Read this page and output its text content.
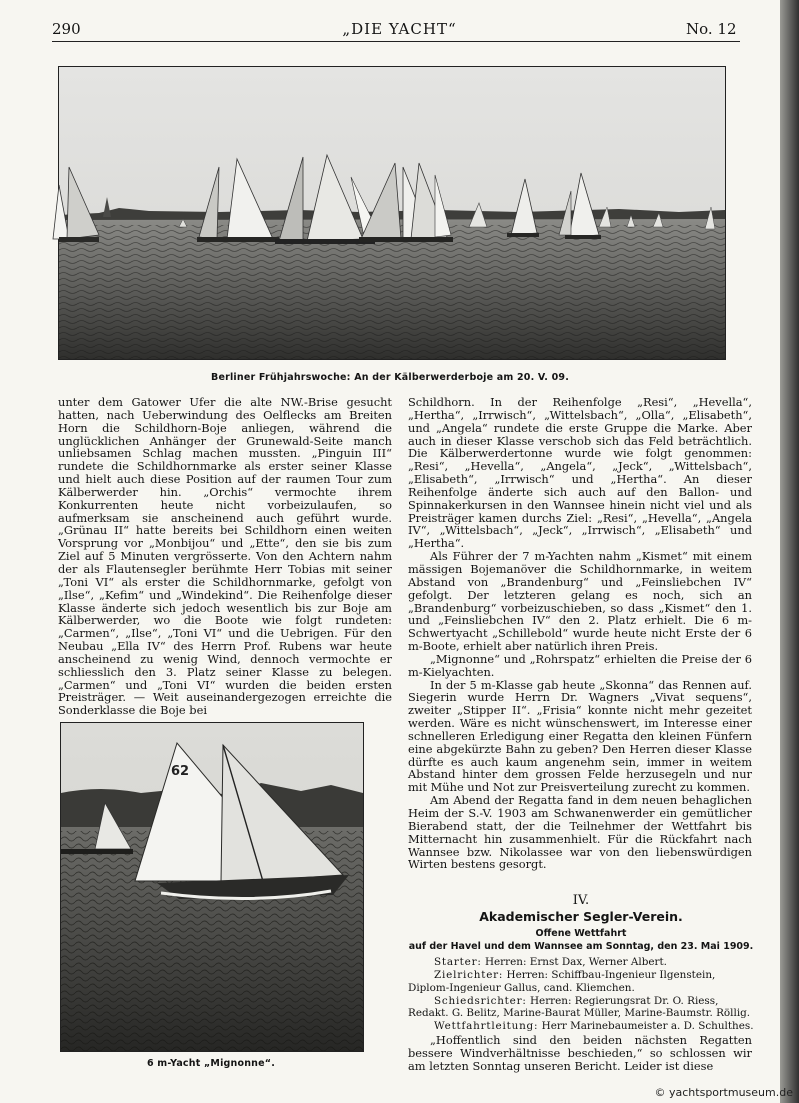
290	„DIE YACHT“	No. 12
Berliner Frühjahrswoche: An der Kälberwerderboje am 20. V. 09.

unter dem Gatower Ufer die alte NW.-Brise gesucht hatten, nach Ueberwindung des Oelflecks am Breiten Horn die Schildhorn-Boje anliegen, während die unglücklichen Anhänger der Grunewald-Seite manch unliebsamen Schlag machen mussten. „Pinguin III“ rundete die Schildhornmarke als erster seiner Klasse und hielt auch diese Position auf der raumen Tour zum Kälberwerder hin. „Orchis“ vermochte ihrem Konkurrenten heute nicht vorbeizulaufen, so aufmerksam sie anscheinend auch geführt wurde. „Grünau II“ hatte bereits bei Schildhorn einen weiten Vorsprung vor „Monbijou“ und „Ette“, den sie bis zum Ziel auf 5 Minuten vergrösserte. Von den Achtern nahm der als Flautensegler berühmte Herr Tobias mit seiner „Toni VI“ als erster die Schildhornmarke, gefolgt von „Ilse“, „Kefim“ und „Windekind“. Die Reihenfolge dieser Klasse änderte sich jedoch wesentlich bis zur Boje am Kälberwerder, wo die Boote wie folgt rundeten: „Carmen“, „Ilse“, „Toni VI“ und die Uebrigen. Für den Neubau „Ella IV“ des Herrn Prof. Rubens war heute anscheinend zu wenig Wind, dennoch vermochte er schliesslich den 3. Platz seiner Klasse zu belegen. „Carmen“ und „Toni VI“ wurden die beiden ersten Preisträger. — Weit auseinandergezogen erreichte die Sonderklasse die Boje bei

62
6 m-Yacht „Mignonne“.

Schildhorn. In der Reihenfolge „Resi“, „Hevella“, „Hertha“, „Irrwisch“, „Wittelsbach“, „Olla“, „Elisabeth“, und „Angela“ rundete die erste Gruppe die Marke. Aber auch in dieser Klasse verschob sich das Feld beträchtlich. Die Kälberwerdertonne wurde wie folgt genommen: „Resi“, „Hevella“, „Angela“, „Jeck“, „Wittelsbach“, „Elisabeth“, „Irrwisch“ und „Hertha“. An dieser Reihenfolge änderte sich auch auf den Ballon- und Spinnakerkursen in den Wannsee hinein nicht viel und als Preisträger kamen durchs Ziel: „Resi“, „Hevella“, „Angela IV“, „Wittelsbach“, „Jeck“, „Irrwisch“, „Elisabeth“ und „Hertha“.

Als Führer der 7 m-Yachten nahm „Kismet“ mit einem mässigen Bojemanöver die Schildhornmarke, in weitem Abstand von „Brandenburg“ und „Feinsliebchen IV“ gefolgt. Der letzteren gelang es noch, sich an „Brandenburg“ vorbeizuschieben, so dass „Kismet“ den 1. und „Feinsliebchen IV“ den 2. Platz erhielt. Die 6 m-Schwertyacht „Schillebold“ wurde heute nicht Erste der 6 m-Boote, erhielt aber natürlich ihren Preis.

„Mignonne“ und „Rohrspatz“ erhielten die Preise der 6 m-Kielyachten.

In der 5 m-Klasse gab heute „Skonna“ das Rennen auf. Siegerin wurde Herrn Dr. Wagners „Vivat sequens“, zweiter „Stipper II“. „Frisia“ konnte nicht mehr gezeitet werden. Wäre es nicht wünschenswert, im Interesse einer schnelleren Erledigung einer Regatta den kleinen Fünfern eine abgekürzte Bahn zu geben? Den Herren dieser Klasse dürfte es auch kaum angenehm sein, immer in weitem Abstand hinter dem grossen Felde herzusegeln und nur mit Mühe und Not zur Preisverteilung zurecht zu kommen.

Am Abend der Regatta fand in dem neuen behaglichen Heim der S.-V. 1903 am Schwanenwerder ein gemütlicher Bierabend statt, der die Teilnehmer der Wettfahrt bis Mitternacht hin zusammenhielt. Für die Rückfahrt nach Wannsee bzw. Nikolassee war von den liebenswürdigen Wirten bestens gesorgt.

IV.
Akademischer Segler-Verein.
Offene Wettfahrt
auf der Havel und dem Wannsee am Sonntag, den 23. Mai 1909.
Starter: Herren: Ernst Dax, Werner Albert.
Zielrichter: Herren: Schiffbau-Ingenieur Ilgenstein,
Diplom-Ingenieur Gallus, cand. Kliemchen.
Schiedsrichter: Herren: Regierungsrat Dr. O. Riess,
Redakt. G. Belitz, Marine-Baurat Müller, Marine-Baumstr. Röllig.
Wettfahrtleitung: Herr Marinebaumeister a. D. Schulthes.

„Hoffentlich sind den beiden nächsten Regatten bessere Windverhältnisse beschieden,“ so schlossen wir am letzten Sonntag unseren Bericht. Leider ist diese

© yachtsportmuseum.de
